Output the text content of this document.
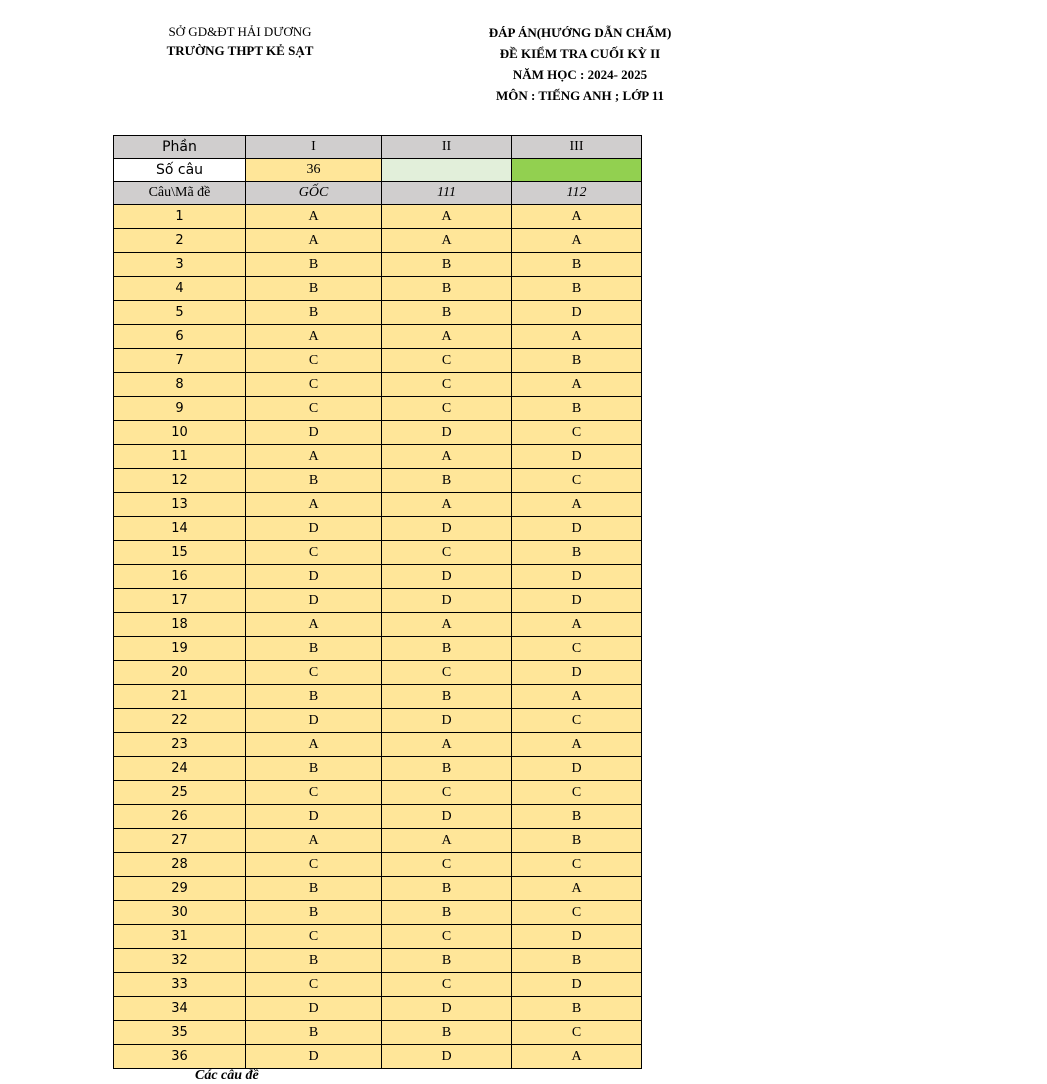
SỞ GD&ĐT HẢI DƯƠNG
TRƯỜNG THPT KẺ SẠT
ĐÁP ÁN(HƯỚNG DẪN CHẤM)
ĐỀ KIỂM TRA CUỐI KỲ II
NĂM HỌC : 2024- 2025
MÔN : TIẾNG ANH ; LỚP 11
Phần	I	II	III
Số câu	36		
Câu\Mã đề	GỐC	111	112
1	A	A	A
2	A	A	A
3	B	B	B
4	B	B	B
5	B	B	D
6	A	A	A
7	C	C	B
8	C	C	A
9	C	C	B
10	D	D	C
11	A	A	D
12	B	B	C
13	A	A	A
14	D	D	D
15	C	C	B
16	D	D	D
17	D	D	D
18	A	A	A
19	B	B	C
20	C	C	D
21	B	B	A
22	D	D	C
23	A	A	A
24	B	B	D
25	C	C	C
26	D	D	B
27	A	A	B
28	C	C	C
29	B	B	A
30	B	B	C
31	C	C	D
32	B	B	B
33	C	C	D
34	D	D	B
35	B	B	C
36	D	D	A
Các câu đề
